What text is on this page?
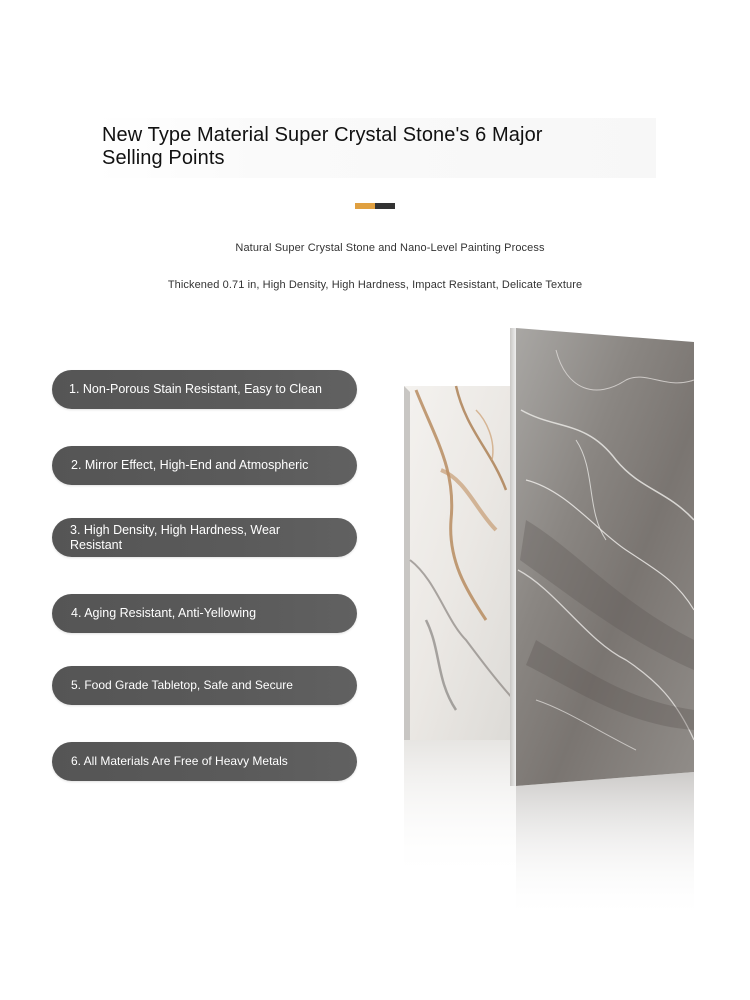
New Type Material Super Crystal Stone's 6 Major Selling Points

Natural Super Crystal Stone and Nano-Level Painting Process

Thickened 0.71 in, High Density, High Hardness, Impact Resistant, Delicate Texture

1. Non-Porous Stain Resistant, Easy to Clean
2. Mirror Effect, High-End and Atmospheric
3. High Density, High Hardness, Wear Resistant
4. Aging Resistant, Anti-Yellowing
5. Food Grade Tabletop, Safe and Secure
6. All Materials Are Free of Heavy Metals
